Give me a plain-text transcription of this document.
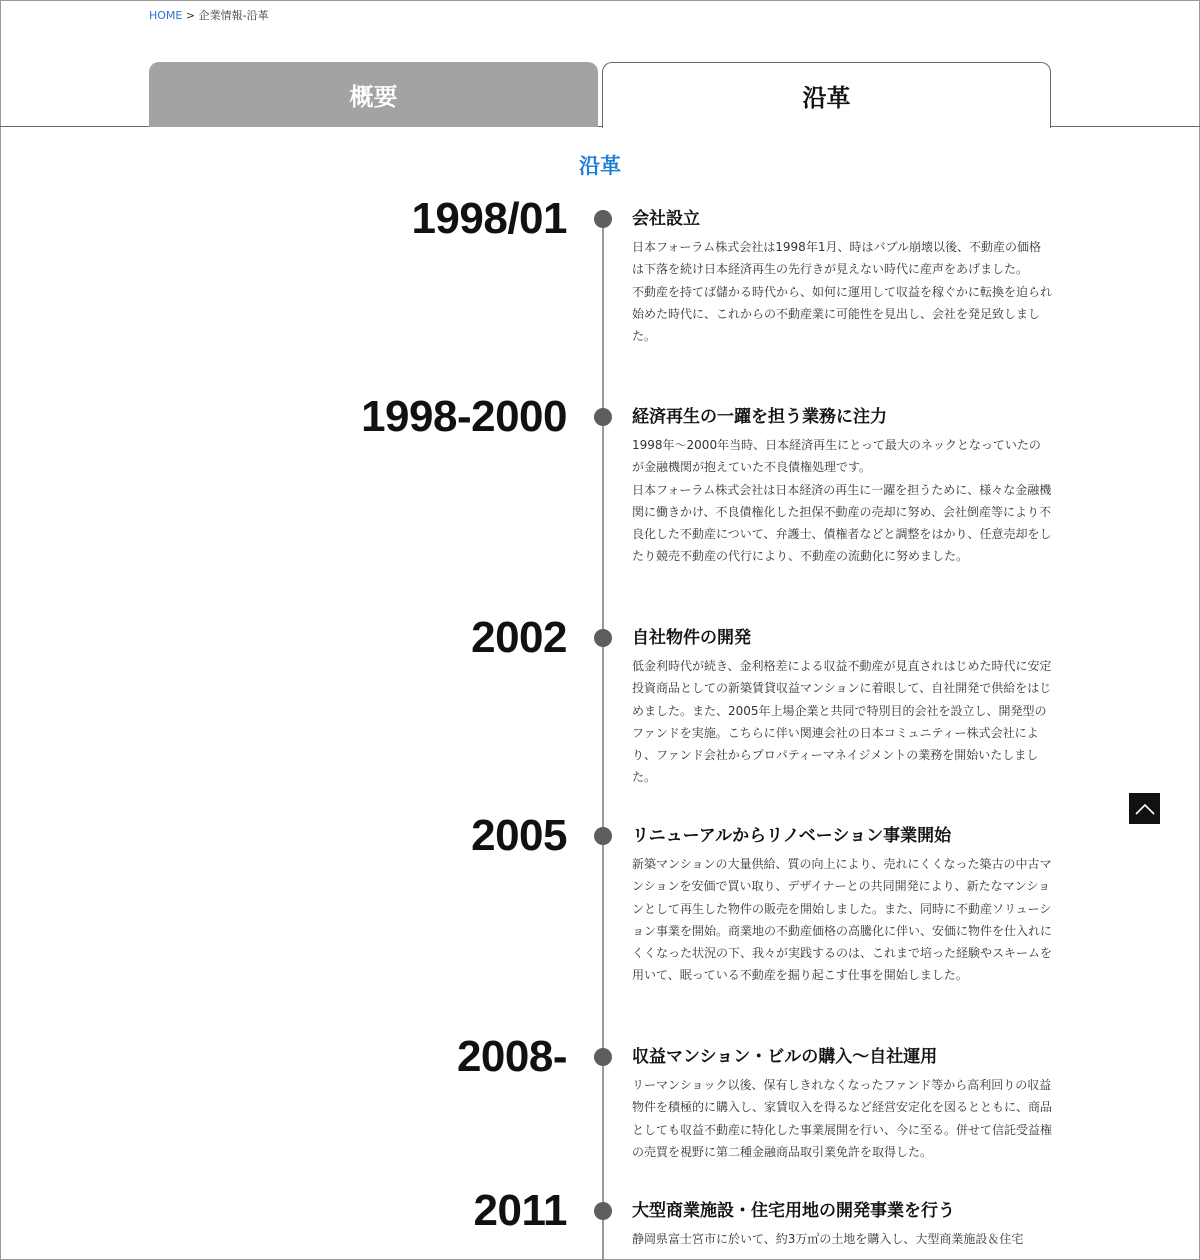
HOME > 企業情報-沿革
概要	沿革
沿革
1998/01	会社設立

日本フォーラム株式会社は1998年1月、時はバブル崩壊以後、不動産の価格は下落を続け日本経済再生の先行きが見えない時代に産声をあげました。

不動産を持てば儲かる時代から、如何に運用して収益を稼ぐかに転換を迫られ始めた時代に、これからの不動産業に可能性を見出し、会社を発足致しました。

1998-2000	経済再生の一躍を担う業務に注力

1998年～2000年当時、日本経済再生にとって最大のネックとなっていたのが金融機関が抱えていた不良債権処理です。

日本フォーラム株式会社は日本経済の再生に一躍を担うために、様々な金融機関に働きかけ、不良債権化した担保不動産の売却に努め、会社倒産等により不良化した不動産について、弁護士、債権者などと調整をはかり、任意売却をしたり競売不動産の代行により、不動産の流動化に努めました。

2002	自社物件の開発

低金利時代が続き、金利格差による収益不動産が見直されはじめた時代に安定投資商品としての新築賃貸収益マンションに着眼して、自社開発で供給をはじめました。また、2005年上場企業と共同で特別目的会社を設立し、開発型のファンドを実施。こちらに伴い関連会社の日本コミュニティー株式会社により、ファンド会社からプロパティーマネイジメントの業務を開始いたしました。

2005	リニューアルからリノベーション事業開始

新築マンションの大量供給、質の向上により、売れにくくなった築古の中古マンションを安価で買い取り、デザイナーとの共同開発により、新たなマンションとして再生した物件の販売を開始しました。また、同時に不動産ソリューション事業を開始。商業地の不動産価格の高騰化に伴い、安価に物件を仕入れにくくなった状況の下、我々が実践するのは、これまで培った経験やスキームを用いて、眠っている不動産を掘り起こす仕事を開始しました。

2008-	収益マンション・ビルの購入～自社運用

リーマンショック以後、保有しきれなくなったファンド等から高利回りの収益物件を積極的に購入し、家賃収入を得るなど経営安定化を図るとともに、商品としても収益不動産に特化した事業展開を行い、今に至る。併せて信託受益権の売買を視野に第二種金融商品取引業免許を取得した。

2011	大型商業施設・住宅用地の開発事業を行う

静岡県富士宮市に於いて、約3万㎡の土地を購入し、大型商業施設＆住宅
